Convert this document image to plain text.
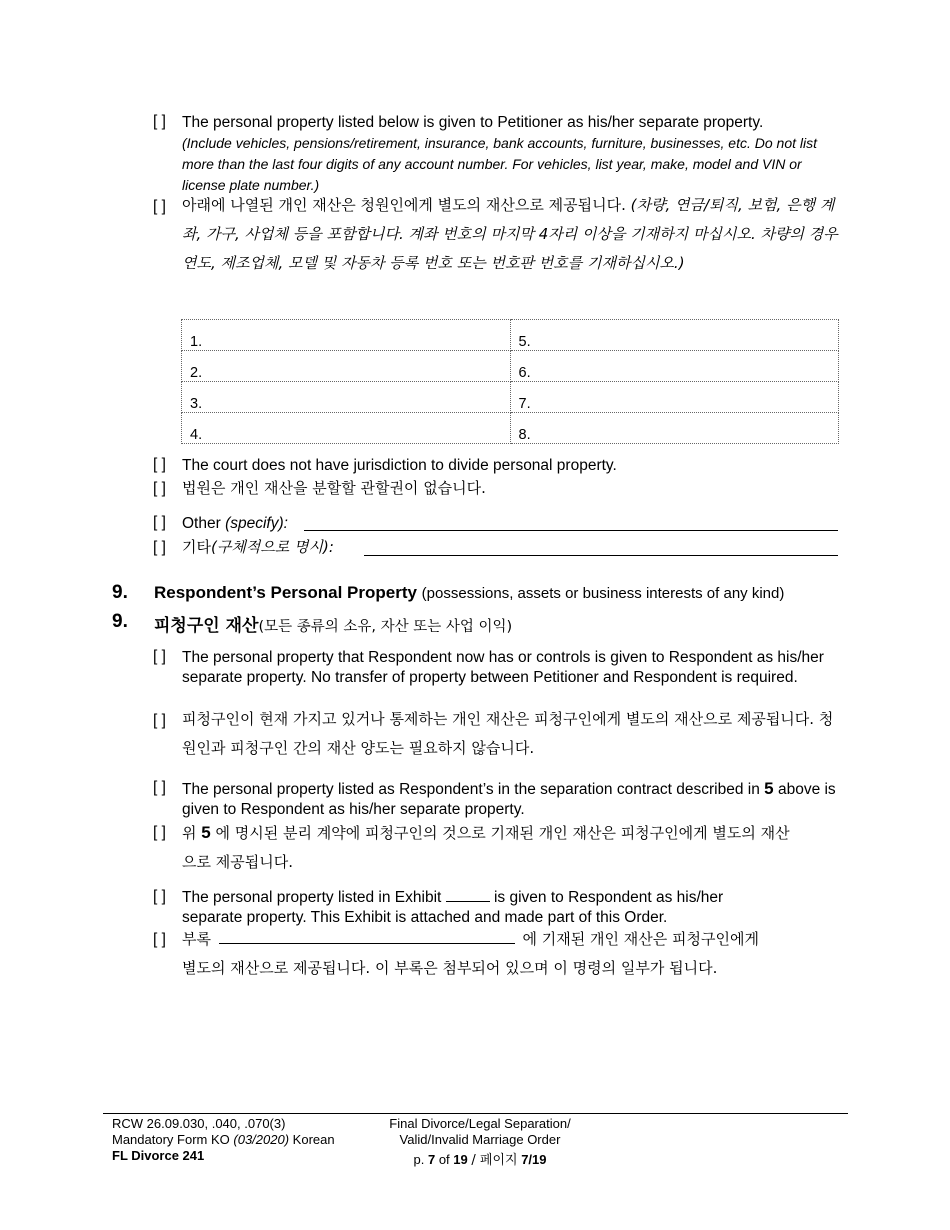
[ ] The personal property listed below is given to Petitioner as his/her separate property.
(Include vehicles, pensions/retirement, insurance, bank accounts, furniture, businesses, etc. Do not list more than the last four digits of any account number. For vehicles, list year, make, model and VIN or license plate number.)
[ ] 아래에 나열된 개인 재산은 청원인에게 별도의 재산으로 제공됩니다. (차량, 연금/퇴직, 보험, 은행 계좌, 가구, 사업체 등을 포함합니다. 계좌 번호의 마지막 4자리 이상을 기재하지 마십시오. 차량의 경우 연도, 제조업체, 모델 및 자동차 등록 번호 또는 번호판 번호를 기재하십시오.)
1.	5.
2.	6.
3.	7.
4.	8.
[ ] The court does not have jurisdiction to divide personal property.
[ ] 법원은 개인 재산을 분할할 관할권이 없습니다.
[ ] Other (specify):
[ ] 기타(구체적으로 명시):
9. Respondent’s Personal Property (possessions, assets or business interests of any kind)
9. 피청구인 재산(모든 종류의 소유, 자산 또는 사업 이익)
[ ] The personal property that Respondent now has or controls is given to Respondent as his/her separate property. No transfer of property between Petitioner and Respondent is required.
[ ] 피청구인이 현재 가지고 있거나 통제하는 개인 재산은 피청구인에게 별도의 재산으로 제공됩니다. 청원인과 피청구인 간의 재산 양도는 필요하지 않습니다.
[ ] The personal property listed as Respondent’s in the separation contract described in 5 above is given to Respondent as his/her separate property.
[ ] 위 5 에 명시된 분리 계약에 피청구인의 것으로 기재된 개인 재산은 피청구인에게 별도의 재산으로 제공됩니다.
[ ] The personal property listed in Exhibit	is given to Respondent as his/her separate property. This Exhibit is attached and made part of this Order.
[ ] 부록	에 기재된 개인 재산은 피청구인에게
별도의 재산으로 제공됩니다. 이 부록은 첨부되어 있으며 이 명령의 일부가 됩니다.
RCW 26.09.030, .040, .070(3)
Mandatory Form KO (03/2020) Korean
FL Divorce 241
Final Divorce/Legal Separation/
Valid/Invalid Marriage Order
p. 7 of 19 / 페이지 7/19
